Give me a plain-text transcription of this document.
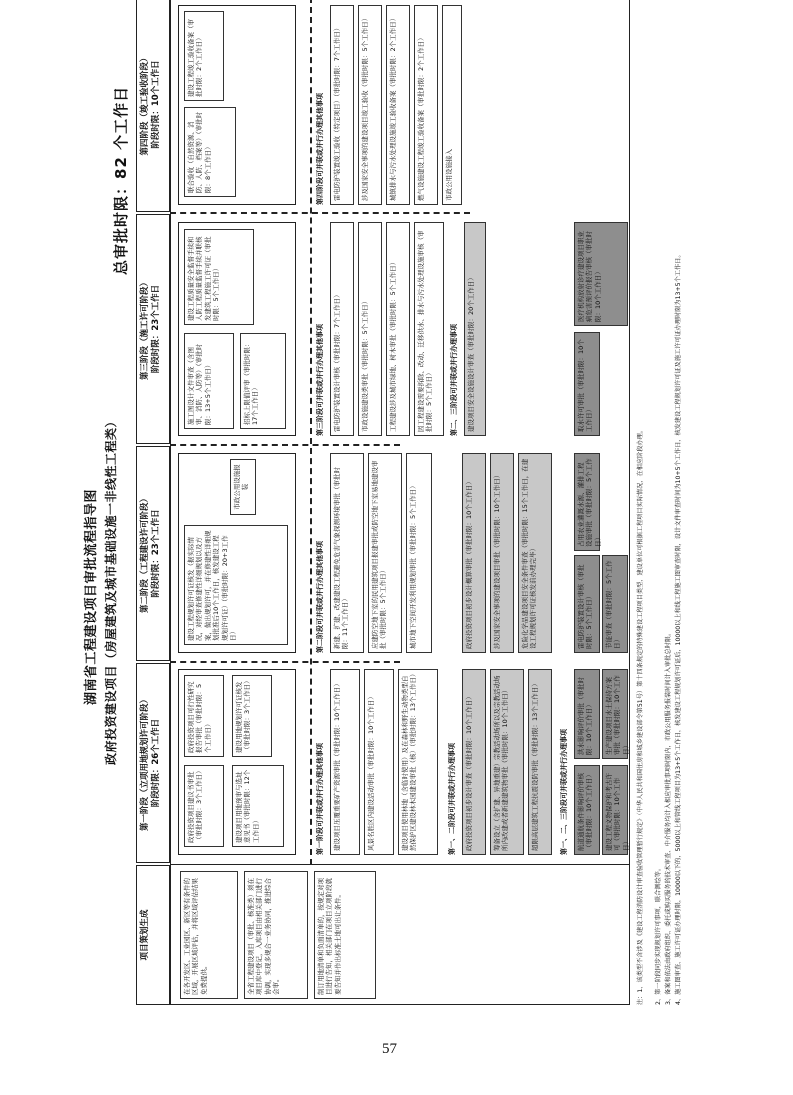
湖南省工程建设项目审批流程指导图 政府投资建设项目（房屋建筑及城市基础设施一非线性工程类）
总审批时限：82 个工作日
项目策划生成
第一阶段（立项用地规划许可阶段） 阶段时限：26个工作日
第二阶段（工程建设许可阶段） 阶段时限：23个工作日
第三阶段（施工许可阶段） 阶段时限：23个工作日
第四阶段（竣工验收阶段） 阶段时限：10个工作日
在各开发区、工业园区、新区等有条件的区域，开展区域评估，并将区域评估结果免费提供。	全省工程建设项目（审批、核准类）须在项目库中登记，入库项目由相关部门进行协调，实现多规合一业务协同，推进综合会审。	制订用地清单和负面清单的，按规定对项目进行告知，相关部门在项目立项阶段就要告知并作出标准土地可出让条件。
政府投资项目建议书审批（审批时限：3个工作日）	建设项目用地预审与选址意见书（审批时限：12个工作日）
政府投资项目可行性研究报告审批（审批时限：5个工作日）	建设用地规划许可证核发（审批时限：3个工作日）
建设工程规划许可证核发（据实际情况，对经审查修建性详细规划以及方案，做出规划许可，并在修建性详细规划批准后10个工作日，核发建设工程规划许可证）（审批时限：20+3工作日）
市政公用设施报装
施工图设计文件审查（含图审、消防、人防等）（审批时限：13+5个工作日）	招标上限值评审（审批时限：17个工作日）
建设工程质量安全监督手续和人防工程质量监督手续并联核发建筑工程施工许可证（审批时限：5个工作日）
联合验收（自然资源、消防、人防、档案等）（审批时限：8个工作日）
建设工程竣工验收备案（审批时限：2个工作日）
第一阶段可并联或并行办理其他事项	建设项目压覆重要矿产资源审批（审批时限：10个工作日）	风景名胜区内建设活动审批（审批时限：10个工作日）	建设项目使用林地（含临时使用）及在森林和野生动物类型自然保护区建设林木园建设审批（核）（审批时限：13个工作日）
第二阶段可并联或并行办理其他事项	新建、扩建、改建建设工程避免危害气象探测环境审批（审批时限：11个工作日）	应建防空地下室的民用建筑项目报建审批或防空地下室易地建设审批（审批时限：5个工作日）	城市地下空间开发利用规划审批（审批时限：5个工作日）
第三阶段可并联或并行办理其他事项	雷电防护装置设计审核（审批时限：7个工作日）	市政设施建设类审批（审批时限：5个工作日）	工程建设涉及城市绿地、树木审批（审批时限：5个工作日）	因工程建设需要拆除、改动、迁移供水、排水与污水处理设施审核（审批时限：5个工作日）
第四阶段可并联或并行办理其他事项	雷电防护装置竣工验收（特定项目）（审批时限：7个工作日）	涉及国家安全事项的建设项目竣工验收（审批时限：5个工作日）	城镇排水与污水处理设施竣工验收备案（审批时限：2个工作日）	燃气设施建设工程竣工验收备案（审批时限：2个工作日）	市政公用设施接入
第一、二阶段可并联或并行办理事项	政府投资项目初步设计审查（审批时限：10个工作日）	筹备设立（含扩建、异地重建）宗教活动场所以及宗教活动场所内改建或者新建建筑物审批（审批时限：10个工作日）	超限高层建筑工程抗震设防审批（审批时限：13个工作日）
政府投资项目初步设计概算审批（审批时限：10个工作日）	涉及国家安全事项的建设项目审批（审批时限：10个工作日）	危险化学品建设项目安全条件审查（审批时限：15个工作日，在建设工程规划许可证核发前办理完毕）
第二、三阶段可并联或并行办理事项	建设项目安全设施设计审查（审批时限：20个工作日）
第一、二、三阶段可并联或并行办理事项	航道通航条件影响评价审核（审批时限：10个工作日）
洪水影响评价审批（审批时限：10个工作日）
建设工程文物保护和考古许可（审批时限：10个工作日）
生产建设项目水土保持方案审批（审批时限：10个工作日）
雷电防护装置设计审核（审批时限：5个工作日）
占用农业灌溉水源、灌排工程设施审批（审批时限：5个工作日）
节能审查（审批时限：5个工作日）
取水许可审批（审批时限：10个工作日）
医疗机构放射诊疗建设项目职业病危害预评价报告审核（审批时限：10个工作日）
注：1、该类型不含涉及《建设工程消防设计审查验收管理暂行规定》（中华人民共和国住房和城乡建设部令第51号）第十四条规定的特殊建设工程项目类型，建设单位可根据工程项目实际情况，在相应阶段办理。 2、第一阶段同步实现规划许可事项，联合测绘等。 3、备案和依法由政府组织、委托或购买服务的技术审查、中介服务均计入相应审批事项时限内，市政公用服务报装时间计入审批总时限。 4、施工图审查、施工许可证办理时限，10000以下的，5000以上和管线工程项目为13+5个工作日，核发建设工程规划许可证后，10000以上和线工程施工图审查时限，设计文件审查时间为10+5个工作日，核发建设工程规划许可证及施工许可证办理时限为13+5个工作日。
57
